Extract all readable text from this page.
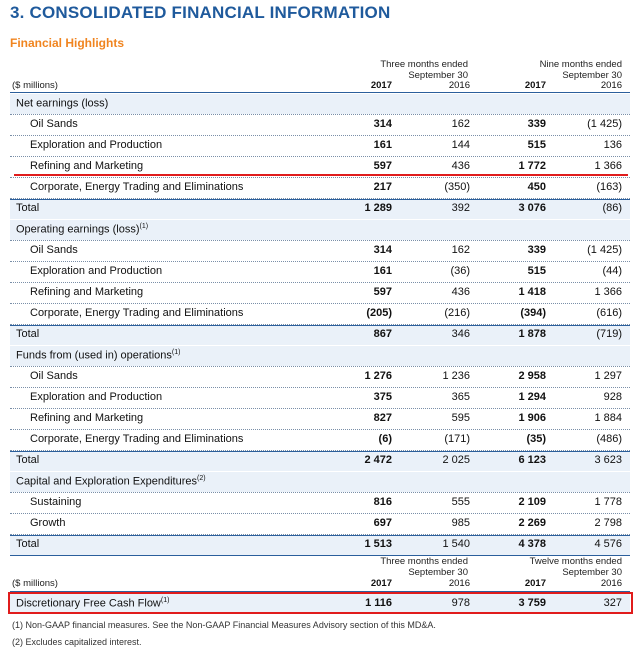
3. CONSOLIDATED FINANCIAL INFORMATION
Financial Highlights
Three months ended
September 30
Nine months ended
September 30
($ millions)	2017	2016	2017	2016
Net earnings (loss)
Oil Sands	314	162	339	(1 425)
Exploration and Production	161	144	515	136
Refining and Marketing	597	436	1 772	1 366
Corporate, Energy Trading and Eliminations	217	(350)	450	(163)
Total	1 289	392	3 076	(86)
Operating earnings (loss)$^{(1)}$
Oil Sands	314	162	339	(1 425)
Exploration and Production	161	(36)	515	(44)
Refining and Marketing	597	436	1 418	1 366
Corporate, Energy Trading and Eliminations	(205)	(216)	(394)	(616)
Total	867	346	1 878	(719)
Funds from (used in) operations$^{(1)}$
Oil Sands	1 276	1 236	2 958	1 297
Exploration and Production	375	365	1 294	928
Refining and Marketing	827	595	1 906	1 884
Corporate, Energy Trading and Eliminations	(6)	(171)	(35)	(486)
Total	2 472	2 025	6 123	3 623
Capital and Exploration Expenditures$^{(2)}$
Sustaining	816	555	2 109	1 778
Growth	697	985	2 269	2 798
Total	1 513	1 540	4 378	4 576
Three months ended
September 30
Twelve months ended
September 30
($ millions)	2017	2016	2017	2016
Discretionary Free Cash Flow$^{(1)}$	1 116	978	3 759	327
(1) Non-GAAP financial measures. See the Non-GAAP Financial Measures Advisory section of this MD&A.
(2) Excludes capitalized interest.
